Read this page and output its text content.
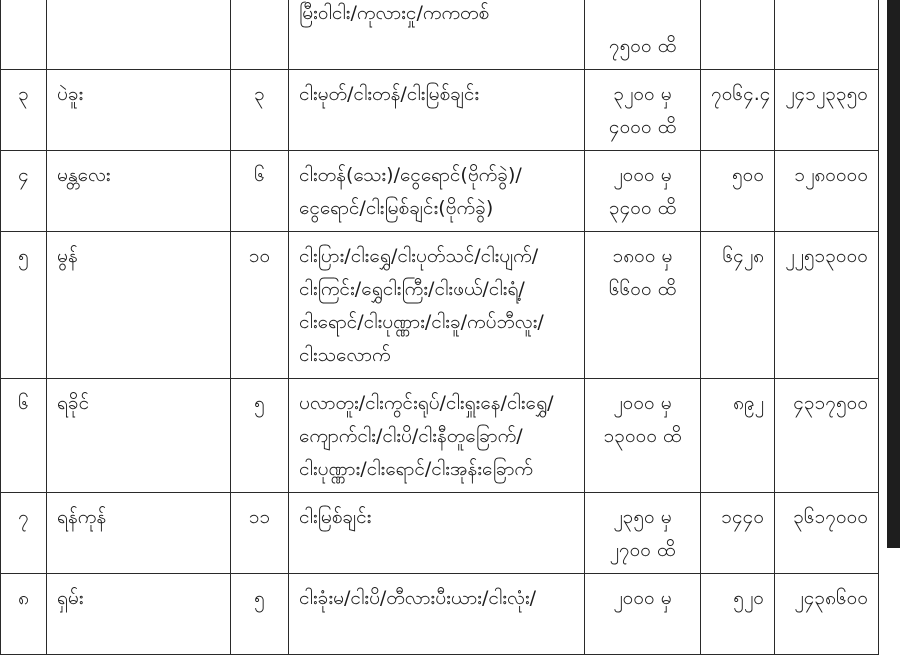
			မြီးဝါငါး/ကုလားငှု/ကကတစ်	၇၅၀၀ ထိ		

၃	ပဲခူး	၃	ငါးမုတ်/ငါးတန်/ငါးမြစ်ချင်း	၃၂၀၀ မှ
၄၀၀၀ ထိ	၇၀၆၄.၄	၂၄၁၂၃၃၅၀
၄	မန္တလေး	၆	ငါးတန်(သေး)/ငွေရောင်(ဗိုက်ခွဲ)/
ငွေရောင်/ငါးမြစ်ချင်း(ဗိုက်ခွဲ)	၂၀၀၀ မှ
၃၄၀၀ ထိ	၅၀၀	၁၂၈၀၀၀၀
၅	မွန်	၁၀	ငါးပြား/ငါးရွှေ/ငါးပုတ်သင်/ငါးပျက်/
ငါးကြင်း/ရွှေငါးကြီး/ငါးဖယ်/ငါးရံ့/
ငါးရောင်/ငါးပုဏ္ဏား/ငါးခူ/ကပ်ဘီလူး/
ငါးသလောက်	၁၈၀၀ မှ
၆၆၀၀ ထိ	၆၄၂၈	၂၂၅၁၃၀၀၀
၆	ရခိုင်	၅	ပလာတူး/ငါးကွင်းရုပ်/ငါးရှူးနေ/ငါးရွှေ/
ကျောက်ငါး/ငါးပိ/ငါးနီတူခြောက်/
ငါးပုဏ္ဏား/ငါးရောင်/ငါးအုန်းခြောက်	၂၀၀၀ မှ
၁၃၀၀၀ ထိ	၈၉၂	၄၃၁၇၅၀၀
၇	ရန်ကုန်	၁၁	ငါးမြစ်ချင်း	၂၃၅၀ မှ
၂၇၀၀ ထိ	၁၄၄၀	၃၆၁၇၀၀၀
၈	ရှမ်း	၅	ငါးခုံးမ/ငါးပိ/တီလားပီးယား/ငါးလုံး/	၂၀၀၀ မှ	၅၂၀	၂၄၃၈၆၀၀
